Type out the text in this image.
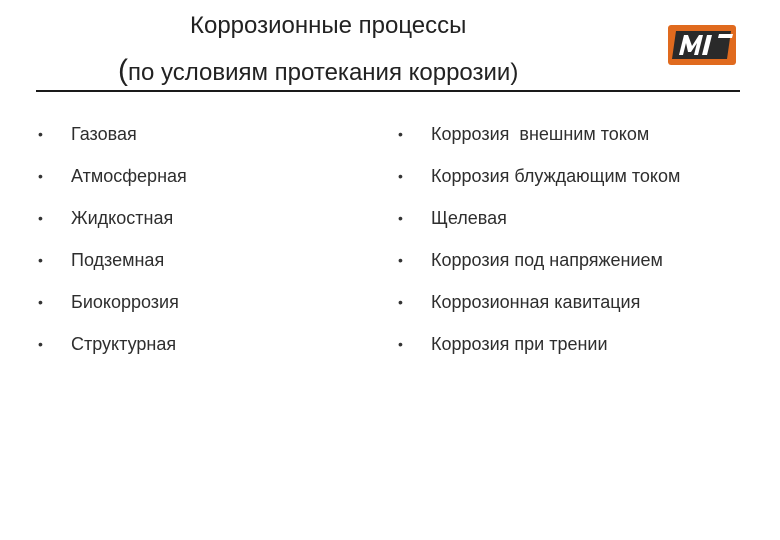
Коррозионные процессы
(по условиям протекания коррозии)
•	Газовая
•	Атмосферная
•	Жидкостная
•	Подземная
•	Биокоррозия
•	Структурная
•	Коррозия  внешним током
•	Коррозия блуждающим током
•	Щелевая
•	Коррозия под напряжением
•	Коррозионная кавитация
•	Коррозия при трении
